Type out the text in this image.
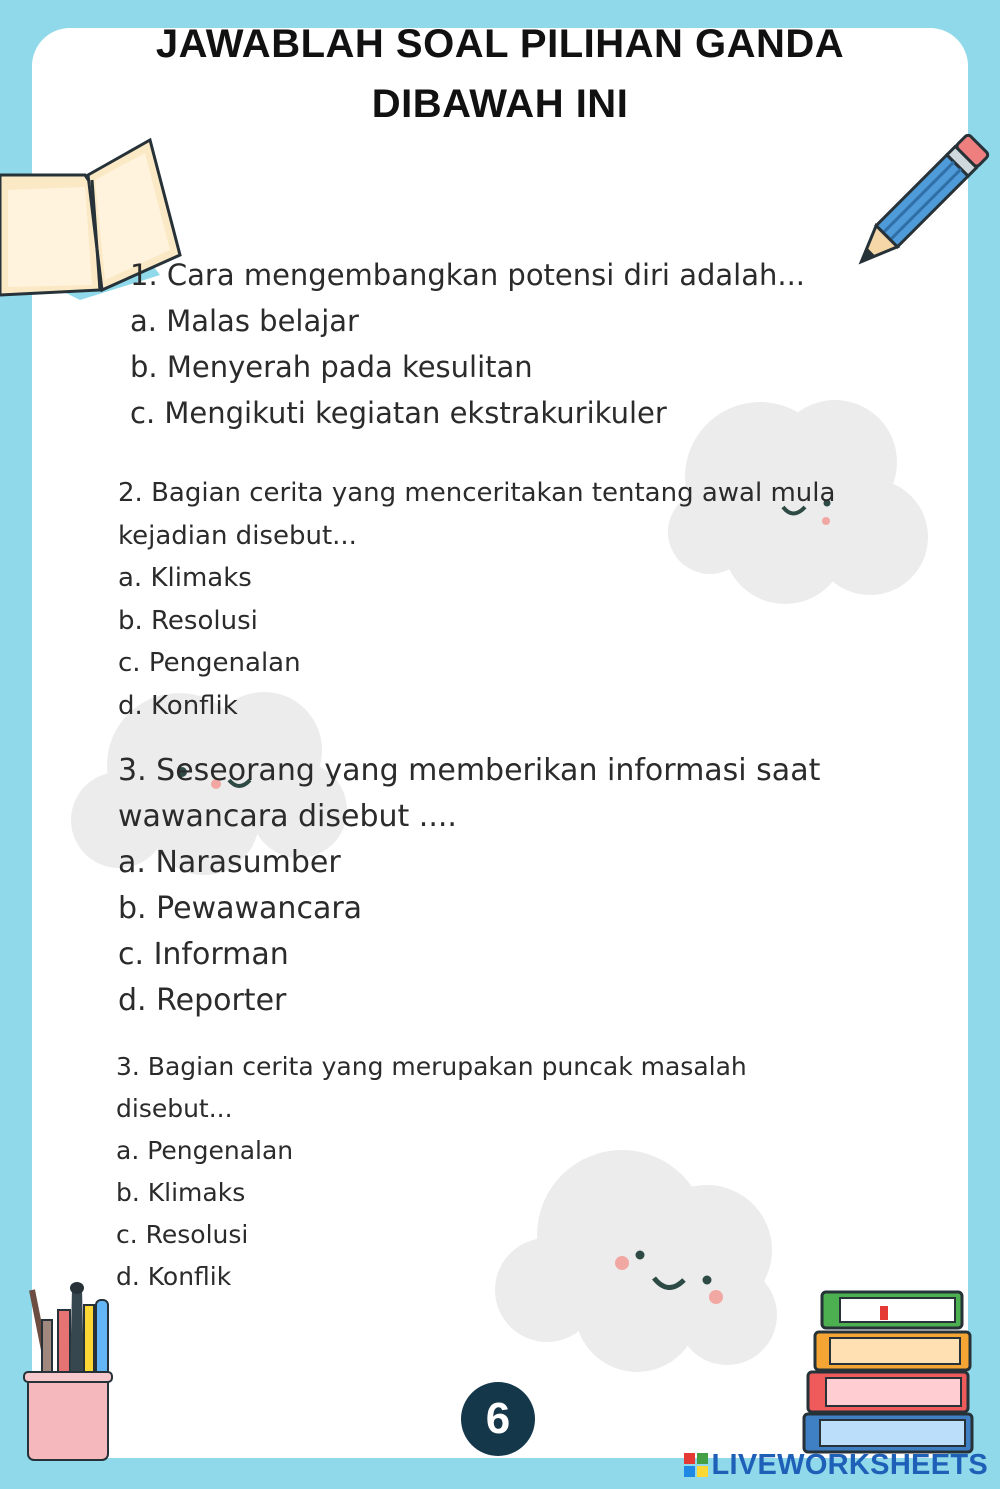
JAWABLAH SOAL PILIHAN GANDA
DIBAWAH INI

1. Cara mengembangkan potensi diri adalah...

a. Malas belajar

b. Menyerah pada kesulitan

c. Mengikuti kegiatan ekstrakurikuler

2. Bagian cerita yang menceritakan tentang awal mula

kejadian disebut...

a. Klimaks

b. Resolusi

c. Pengenalan

d. Konflik

3. Seseorang yang memberikan informasi saat

wawancara disebut ....

a. Narasumber

b. Pewawancara

c. Informan

d. Reporter

3. Bagian cerita yang merupakan puncak masalah

disebut...

a. Pengenalan

b. Klimaks

c. Resolusi

d. Konflik

6
LIVEWORKSHEETS
